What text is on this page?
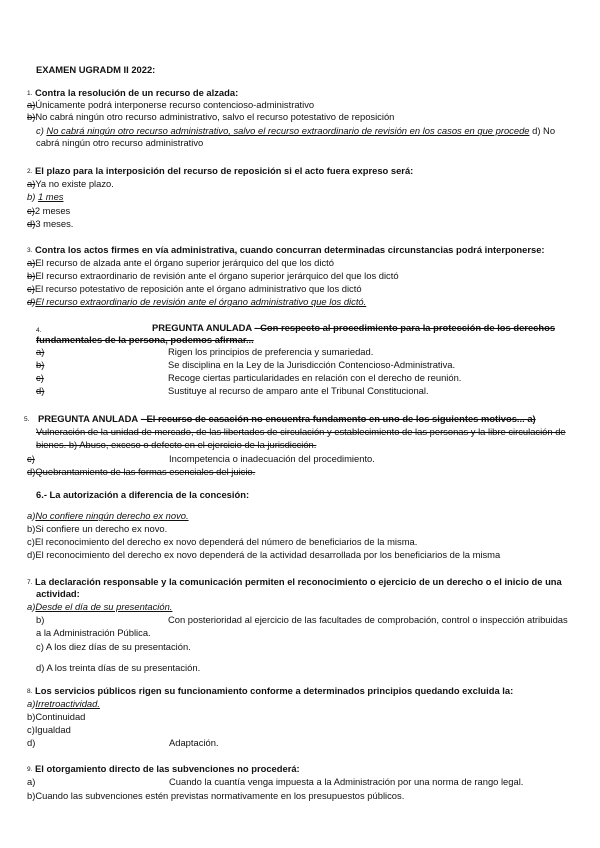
EXAMEN UGRADM II 2022:
1. Contra la resolución de un recurso de alzada:
a)Únicamente podrá interponerse recurso contencioso-administrativo
b)No cabrá ningún otro recurso administrativo, salvo el recurso potestativo de reposición
c) No cabrá ningún otro recurso administrativo, salvo el recurso extraordinario de revisión en los casos en que procede d) No
cabrá ningún otro recurso administrativo
2. El plazo para la interposición del recurso de reposición si el acto fuera expreso será:
a)Ya no existe plazo.
b) 1 mes
c)2 meses
d)3 meses.
3. Contra los actos firmes en vía administrativa, cuando concurran determinadas circunstancias podrá interponerse:
a)El recurso de alzada ante el órgano superior jerárquico del que los dictó
b)El recurso extraordinario de revisión ante el órgano superior jerárquico del que los dictó
c)El recurso potestativo de reposición ante el órgano administrativo que los dictó
d)El recurso extraordinario de revisión ante el órgano administrativo que los dictó.
4.	PREGUNTA ANULADA - Con respecto al procedimiento para la protección de los derechos
fundamentales de la persona, podemos afirmar...
a)	Rigen los principios de preferencia y sumariedad.
b)	Se disciplina en la Ley de la Jurisdicción Contencioso-Administrativa.
c)	Recoge ciertas particularidades en relación con el derecho de reunión.
d)	Sustituye al recurso de amparo ante el Tribunal Constitucional.
5. PREGUNTA ANULADA - El recurso de casación no encuentra fundamento en uno de los siguientes motivos... a)
Vulneración de la unidad de mercado, de las libertades de circulación y establecimiento de las personas y la libre circulación de
bienes. b) Abuso, exceso o defecto en el ejercicio de la jurisdicción.
c)	Incompetencia o inadecuación del procedimiento.
d)Quebrantamiento de las formas esenciales del juicio.
6.- La autorización a diferencia de la concesión:
a)No confiere ningún derecho ex novo.
b)Si confiere un derecho ex novo.
c)El reconocimiento del derecho ex novo dependerá del número de beneficiarios de la misma.
d)El reconocimiento del derecho ex novo dependerá de la actividad desarrollada por los beneficiarios de la misma
7. La declaración responsable y la comunicación permiten el reconocimiento o ejercicio de un derecho o el inicio de una
actividad:
a)Desde el día de su presentación.
b)	Con posterioridad al ejercicio de las facultades de comprobación, control o inspección atribuidas
a la Administración Pública.
c) A los diez días de su presentación.
d) A los treinta días de su presentación.
8. Los servicios públicos rigen su funcionamiento conforme a determinados principios quedando excluida la:
a)Irretroactividad.
b)Continuidad
c)Igualdad
d)	Adaptación.
9. El otorgamiento directo de las subvenciones no procederá:
a)	Cuando la cuantía venga impuesta a la Administración por una norma de rango legal.
b)Cuando las subvenciones estén previstas normativamente en los presupuestos públicos.
